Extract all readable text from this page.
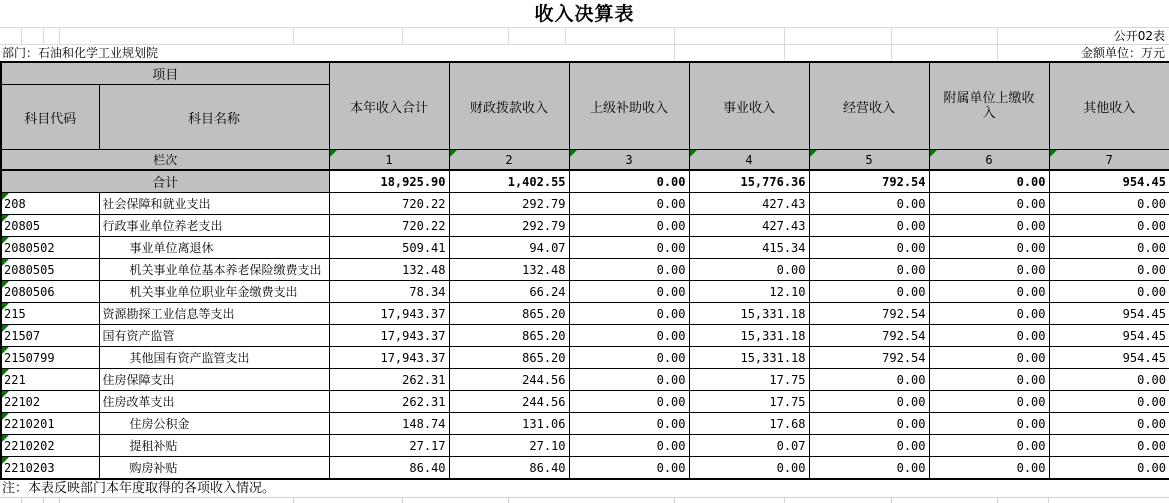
收入决算表
公开02表
部门：石油和化学工业规划院	金额单位：万元
项目		本年收入合计	财政拨款收入	上级补助收入	事业收入	经营收入	附属单位上缴收入	其他收入
科目代码	科目名称							
栏次		1	2	3	4	5	6	7
合计		18,925.90	1,402.55	0.00	15,776.36	792.54	0.00	954.45

208	社会保障和就业支出	720.22	292.79	0.00	427.43	0.00	0.00	0.00

20805	行政事业单位养老支出	720.22	292.79	0.00	427.43	0.00	0.00	0.00

2080502	事业单位离退休	509.41	94.07	0.00	415.34	0.00	0.00	0.00

2080505	机关事业单位基本养老保险缴费支出	132.48	132.48	0.00	0.00	0.00	0.00	0.00

2080506	机关事业单位职业年金缴费支出	78.34	66.24	0.00	12.10	0.00	0.00	0.00

215	资源勘探工业信息等支出	17,943.37	865.20	0.00	15,331.18	792.54	0.00	954.45

21507	国有资产监管	17,943.37	865.20	0.00	15,331.18	792.54	0.00	954.45

2150799	其他国有资产监管支出	17,943.37	865.20	0.00	15,331.18	792.54	0.00	954.45

221	住房保障支出	262.31	244.56	0.00	17.75	0.00	0.00	0.00

22102	住房改革支出	262.31	244.56	0.00	17.75	0.00	0.00	0.00

2210201	住房公积金	148.74	131.06	0.00	17.68	0.00	0.00	0.00

2210202	提租补贴	27.17	27.10	0.00	0.07	0.00	0.00	0.00

2210203	购房补贴	86.40	86.40	0.00	0.00	0.00	0.00	0.00
注：本表反映部门本年度取得的各项收入情况。
